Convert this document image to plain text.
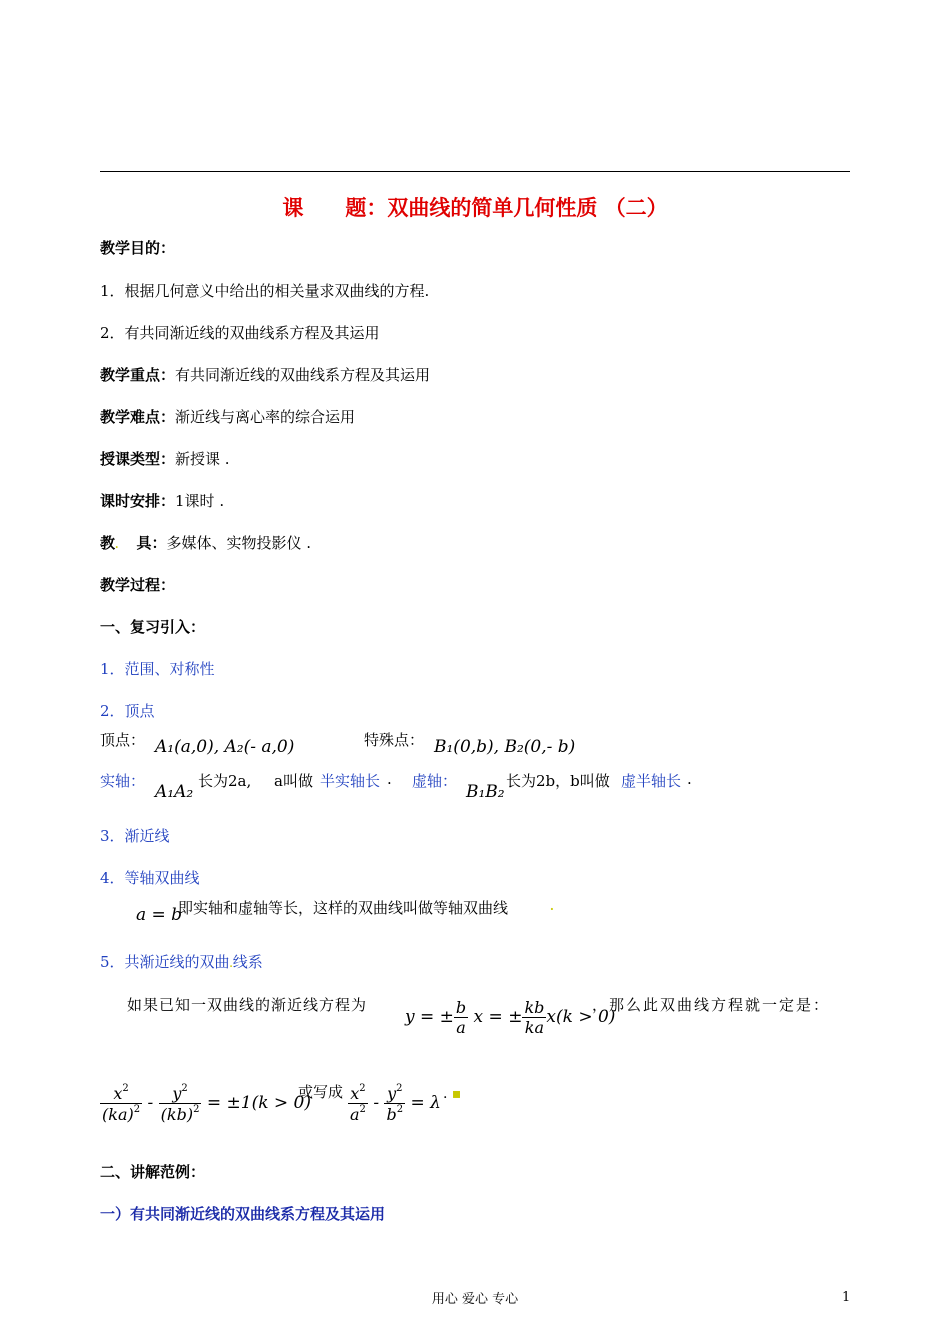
课　　题：双曲线的简单几何性质 （二）
教学目的：
1．根据几何意义中给出的相关量求双曲线的方程.
2．有共同渐近线的双曲线系方程及其运用
教学重点：有共同渐近线的双曲线系方程及其运用
教学难点：渐近线与离心率的综合运用
授课类型：新授课 .
课时安排：1课时 .
教. 具：多媒体、实物投影仪 .
教学过程：
一、复习引入：
1．范围、对称性
2．顶点
顶点： A₁(a,0), A₂(- a,0)	特殊点： B₁(0,b), B₂(0,- b)
实轴：
A₁A₂
长为2a, a叫做 半实轴长 . 虚轴：
B₁B₂
长为2b，b叫做 虚半轴长 .
3．渐近线
4．等轴双曲线
a = b
即实轴和虚轴等长，这样的双曲线叫做等轴双曲线	.
5．共渐近线的双曲.线系
如果已知一双曲线的渐近线方程为
y = ± $\frac{b}{a}$ x = ± $\frac{kb}{ka} x(k > 0)$
，那么此双曲线方程就一定是：
$\frac{x^2}{(ka)^2} - \frac{y^2}{(kb)^2} = \pm 1(k > 0)$
或写成 $\frac{x^2}{a^2} - \frac{y^2}{b^2} = \lambda$ . ▪
二、讲解范例：
一）有共同渐近线的双曲线系方程及其运用
用心 爱心 专心	1
